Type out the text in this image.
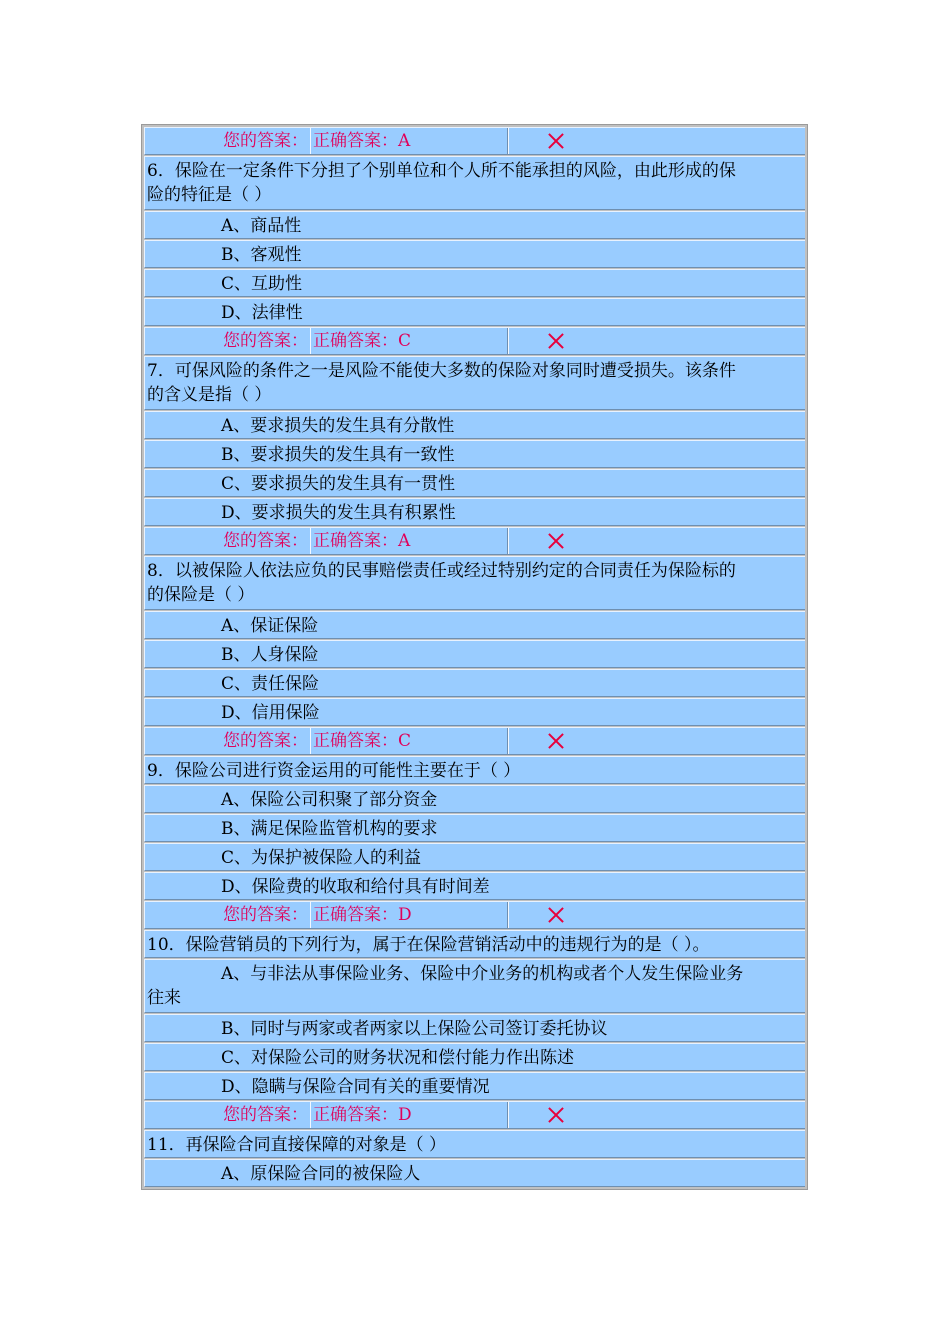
您的答案： 正确答案：A
6．保险在一定条件下分担了个别单位和个人所不能承担的风险，由此形成的保
险的特征是（ ）
A、商品性
B、客观性
C、互助性
D、法律性
您的答案： 正确答案：C
7．可保风险的条件之一是风险不能使大多数的保险对象同时遭受损失。该条件
的含义是指（ ）
A、要求损失的发生具有分散性
B、要求损失的发生具有一致性
C、要求损失的发生具有一贯性
D、要求损失的发生具有积累性
您的答案： 正确答案：A
8．以被保险人依法应负的民事赔偿责任或经过特别约定的合同责任为保险标的
的保险是（ ）
A、保证保险
B、人身保险
C、责任保险
D、信用保险
您的答案： 正确答案：C
9．保险公司进行资金运用的可能性主要在于（ ）
A、保险公司积聚了部分资金
B、满足保险监管机构的要求
C、为保护被保险人的利益
D、保险费的收取和给付具有时间差
您的答案： 正确答案：D
10．保险营销员的下列行为，属于在保险营销活动中的违规行为的是（ ）。
A、与非法从事保险业务、保险中介业务的机构或者个人发生保险业务
往来
B、同时与两家或者两家以上保险公司签订委托协议
C、对保险公司的财务状况和偿付能力作出陈述
D、隐瞒与保险合同有关的重要情况
您的答案： 正确答案：D
11．再保险合同直接保障的对象是（ ）
A、原保险合同的被保险人
